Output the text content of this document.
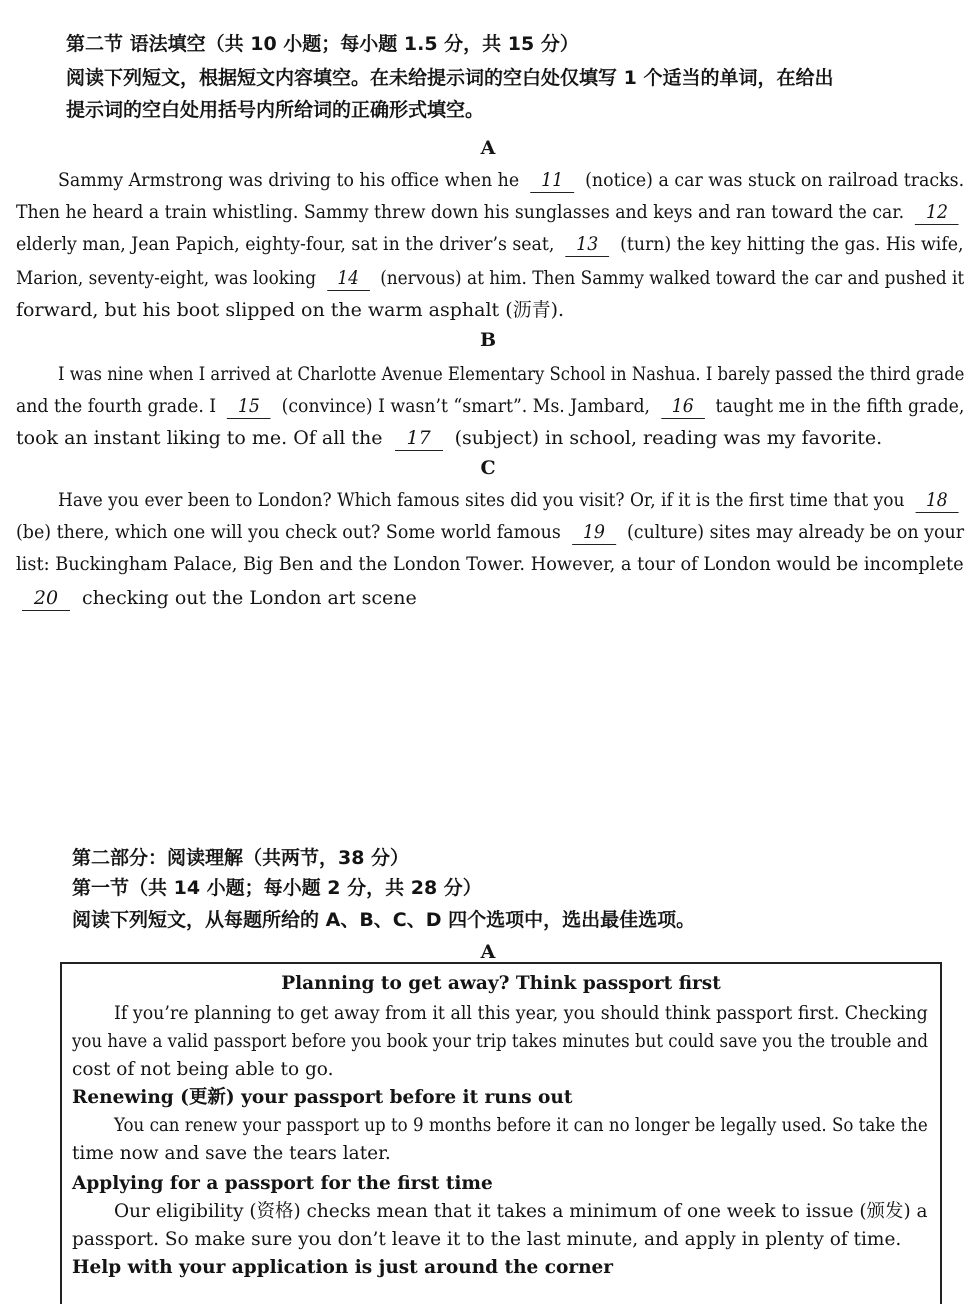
第二节 语法填空（共 10 小题；每小题 1.5 分，共 15 分）
阅读下列短文，根据短文内容填空。在未给提示词的空白处仅填写 1 个适当的单词，在给出
提示词的空白处用括号内所给词的正确形式填空。
A
Sammy Armstrong was driving to his office when he 11 (notice) a car was stuck on railroad tracks.
Then he heard a train whistling. Sammy threw down his sunglasses and keys and ran toward the car. 12
elderly man, Jean Papich, eighty-four, sat in the driver’s seat, 13 (turn) the key hitting the gas. His wife,
Marion, seventy-eight, was looking 14 (nervous) at him. Then Sammy walked toward the car and pushed it
forward, but his boot slipped on the warm asphalt (沥青).
B
I was nine when I arrived at Charlotte Avenue Elementary School in Nashua. I barely passed the third grade
and the fourth grade. I 15 (convince) I wasn’t “smart”. Ms. Jambard, 16 taught me in the fifth grade,
took an instant liking to me. Of all the 17 (subject) in school, reading was my favorite.
C
Have you ever been to London? Which famous sites did you visit? Or, if it is the first time that you 18
(be) there, which one will you check out? Some world famous 19 (culture) sites may already be on your
list: Buckingham Palace, Big Ben and the London Tower. However, a tour of London would be incomplete
20 checking out the London art scene
第二部分：阅读理解（共两节，38 分）
第一节（共 14 小题；每小题 2 分，共 28 分）
阅读下列短文，从每题所给的 A、B、C、D 四个选项中，选出最佳选项。
A
Planning to get away? Think passport first
If you’re planning to get away from it all this year, you should think passport first. Checking
you have a valid passport before you book your trip takes minutes but could save you the trouble and
cost of not being able to go.
Renewing (更新) your passport before it runs out
You can renew your passport up to 9 months before it can no longer be legally used. So take the
time now and save the tears later.
Applying for a passport for the first time
Our eligibility (资格) checks mean that it takes a minimum of one week to issue (颁发) a
passport. So make sure you don’t leave it to the last minute, and apply in plenty of time.
Help with your application is just around the corner
